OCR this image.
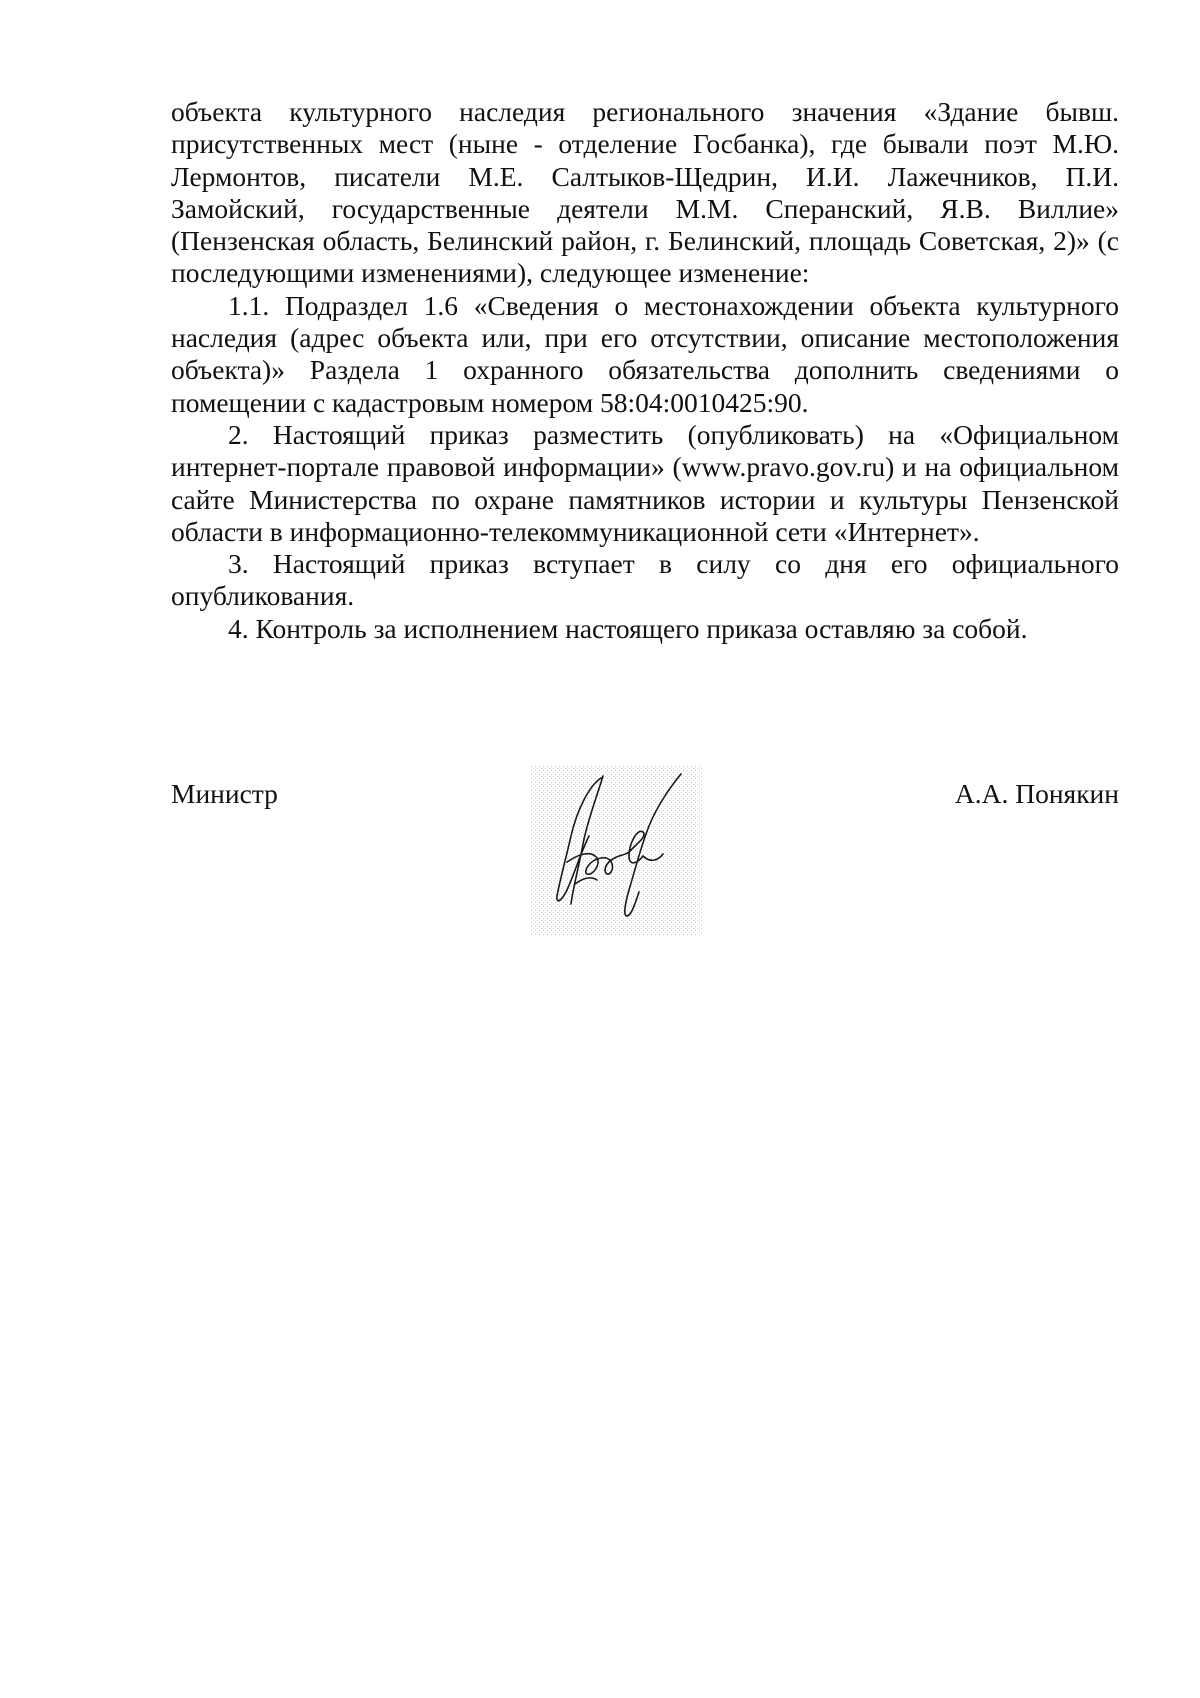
объекта культурного наследия регионального значения «Здание бывш. присутственных мест (ныне - отделение Госбанка), где бывали поэт М.Ю. Лермонтов, писатели М.Е. Салтыков-Щедрин, И.И. Лажечников, П.И. Замойский, государственные деятели М.М. Сперанский, Я.В. Виллие» (Пензенская область, Белинский район, г. Белинский, площадь Советская, 2)» (с последующими изменениями), следующее изменение:

1.1. Подраздел 1.6 «Сведения о местонахождении объекта культурного наследия (адрес объекта или, при его отсутствии, описание местоположения объекта)» Раздела 1 охранного обязательства дополнить сведениями о помещении с кадастровым номером 58:04:0010425:90.

2. Настоящий приказ разместить (опубликовать) на «Официальном интернет-портале правовой информации» (www.pravo.gov.ru) и на официальном сайте Министерства по охране памятников истории и культуры Пензенской области в информационно-телекоммуникационной сети «Интернет».

3. Настоящий приказ вступает в силу со дня его официального опубликования.

4. Контроль за исполнением настоящего приказа оставляю за собой.

Министр	А.А. Понякин
